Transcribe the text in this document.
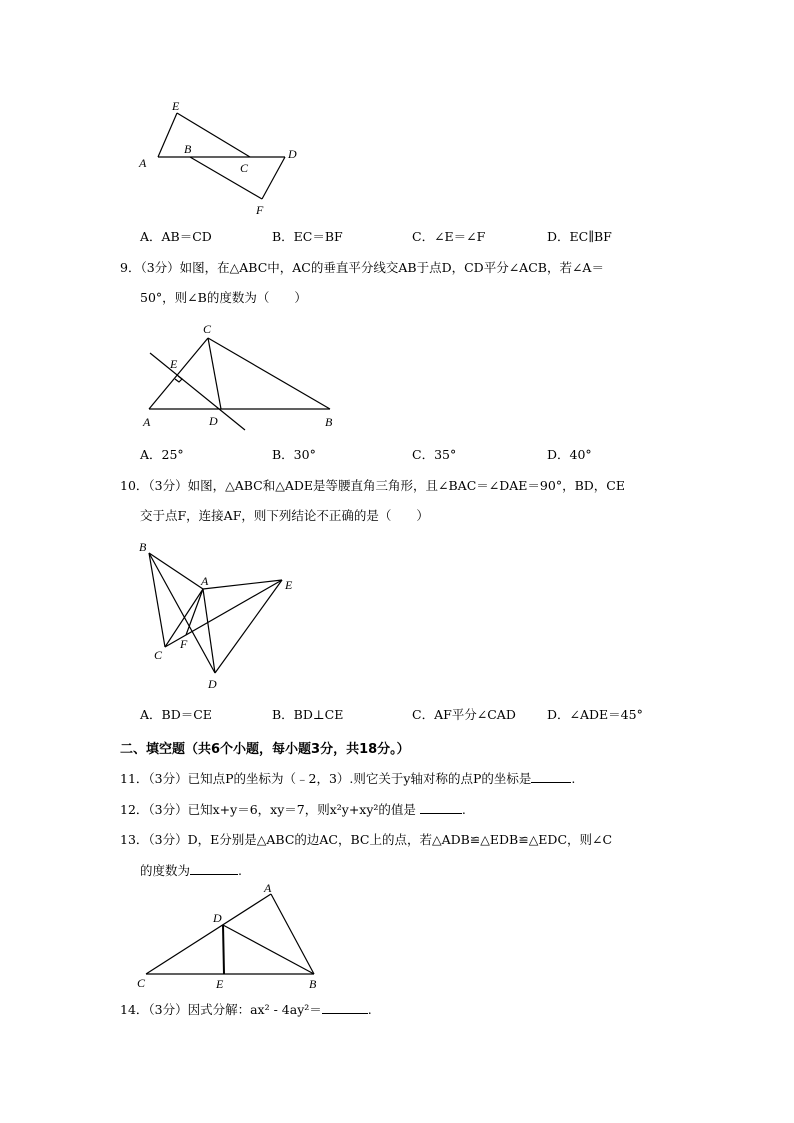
E
A
B
C
D
F
A．AB＝CD	B．EC＝BF	C．∠E＝∠F	D．EC∥BF
9．（3分）如图，在△ABC中，AC的垂直平分线交AB于点D，CD平分∠ACB，若∠A＝
50°，则∠B的度数为（　　）
C
E
A	D	B
A．25°	B．30°	C．35°	D．40°
10．（3分）如图，△ABC和△ADE是等腰直角三角形，且∠BAC＝∠DAE＝90°，BD，CE
交于点F，连接AF，则下列结论不正确的是（　　）
B
A	E
F
C
D
A．BD＝CE	B．BD⊥CE	C．AF平分∠CAD D．∠ADE＝45°
二、填空题（共6个小题，每小题3分，共18分。）
11．（3分）已知点P的坐标为（﹣2，3）.则它关于y轴对称的点P的坐标是	.
12．（3分）已知x+y＝6，xy＝7，则x²y+xy²的值是	.
13．（3分）D，E分别是△ABC的边AC，BC上的点，若△ADB≌△EDB≌△EDC，则∠C
的度数为	.
A
D
C	E	B
14．（3分）因式分解：ax² - 4ay²＝	.
